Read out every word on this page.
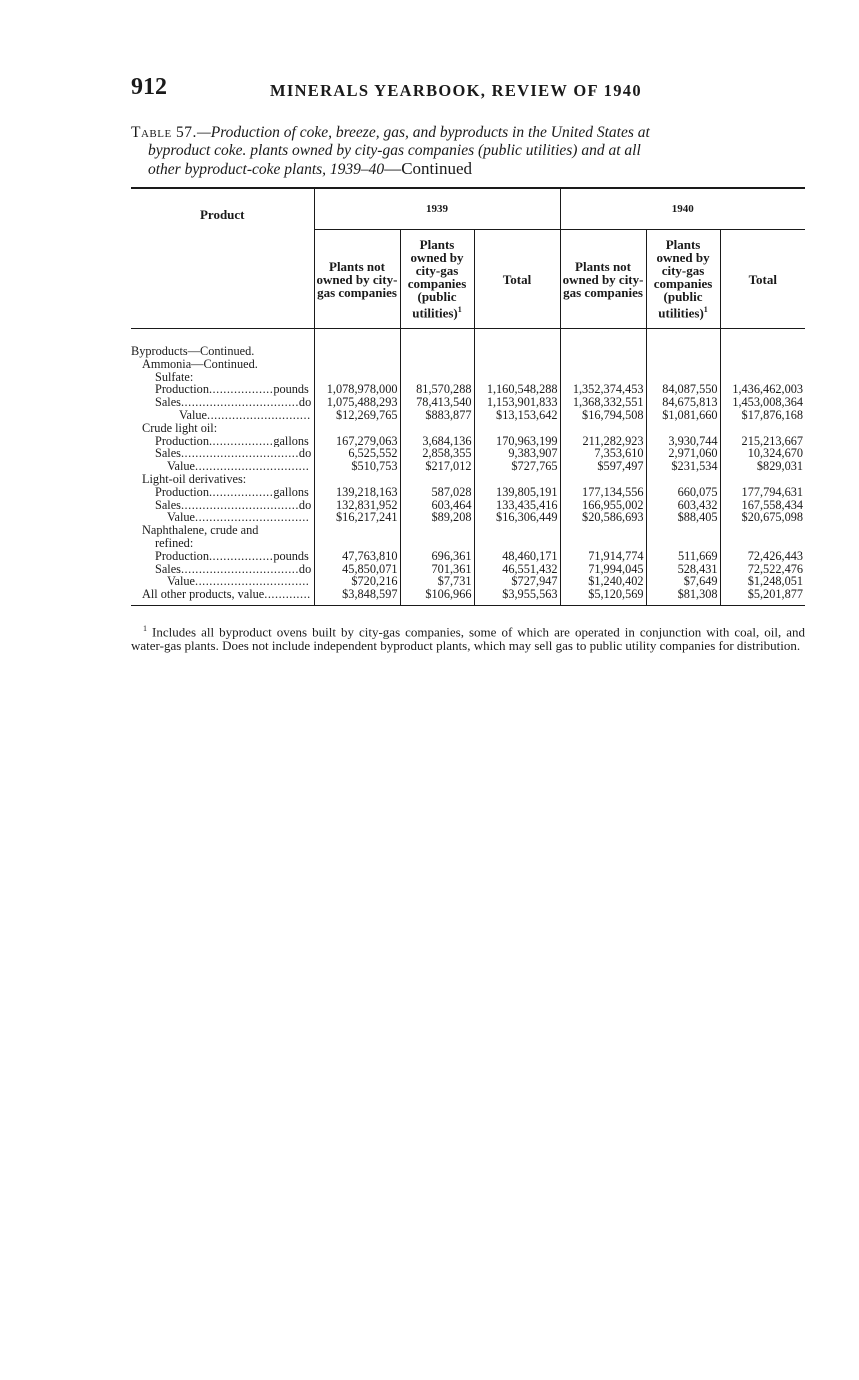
912	MINERALS YEARBOOK, REVIEW OF 1940
Table 57.—Production of coke, breeze, gas, and byproducts in the United States at
byproduct coke. plants owned by city-gas companies (public utilities) and at all
other byproduct-coke plants, 1939–40—Continued
Product	1939			1940		
	Plants not owned by city-gas companies	Plants owned by city-gas companies (public utilities)$^1$	Total	Plants not owned by city-gas companies	Plants owned by city-gas companies (public utilities)$^1$	Total

Byproducts—Continued.						
Ammonia—Continued.						
Sulfate:						
Production..................pounds	1,078,978,000	81,570,288	1,160,548,288	1,352,374,453	84,087,550	1,436,462,003
Sales.................................do	1,075,488,293	78,413,540	1,153,901,833	1,368,332,551	84,675,813	1,453,008,364
Value.............................	$12,269,765	$883,877	$13,153,642	$16,794,508	$1,081,660	$17,876,168
Crude light oil:						
Production..................gallons	167,279,063	3,684,136	170,963,199	211,282,923	3,930,744	215,213,667
Sales.................................do	6,525,552	2,858,355	9,383,907	7,353,610	2,971,060	10,324,670
Value................................	$510,753	$217,012	$727,765	$597,497	$231,534	$829,031
Light-oil derivatives:						
Production..................gallons	139,218,163	587,028	139,805,191	177,134,556	660,075	177,794,631
Sales.................................do	132,831,952	603,464	133,435,416	166,955,002	603,432	167,558,434
Value................................	$16,217,241	$89,208	$16,306,449	$20,586,693	$88,405	$20,675,098
Naphthalene, crude and						
refined:						
Production..................pounds	47,763,810	696,361	48,460,171	71,914,774	511,669	72,426,443
Sales.................................do	45,850,071	701,361	46,551,432	71,994,045	528,431	72,522,476
Value................................	$720,216	$7,731	$727,947	$1,240,402	$7,649	$1,248,051
All other products, value.............	$3,848,597	$106,966	$3,955,563	$5,120,569	$81,308	$5,201,877
$^1$ Includes all byproduct ovens built by city-gas companies, some of which are operated in conjunction with coal, oil, and water-gas plants. Does not include independent byproduct plants, which may sell gas to public utility companies for distribution.
